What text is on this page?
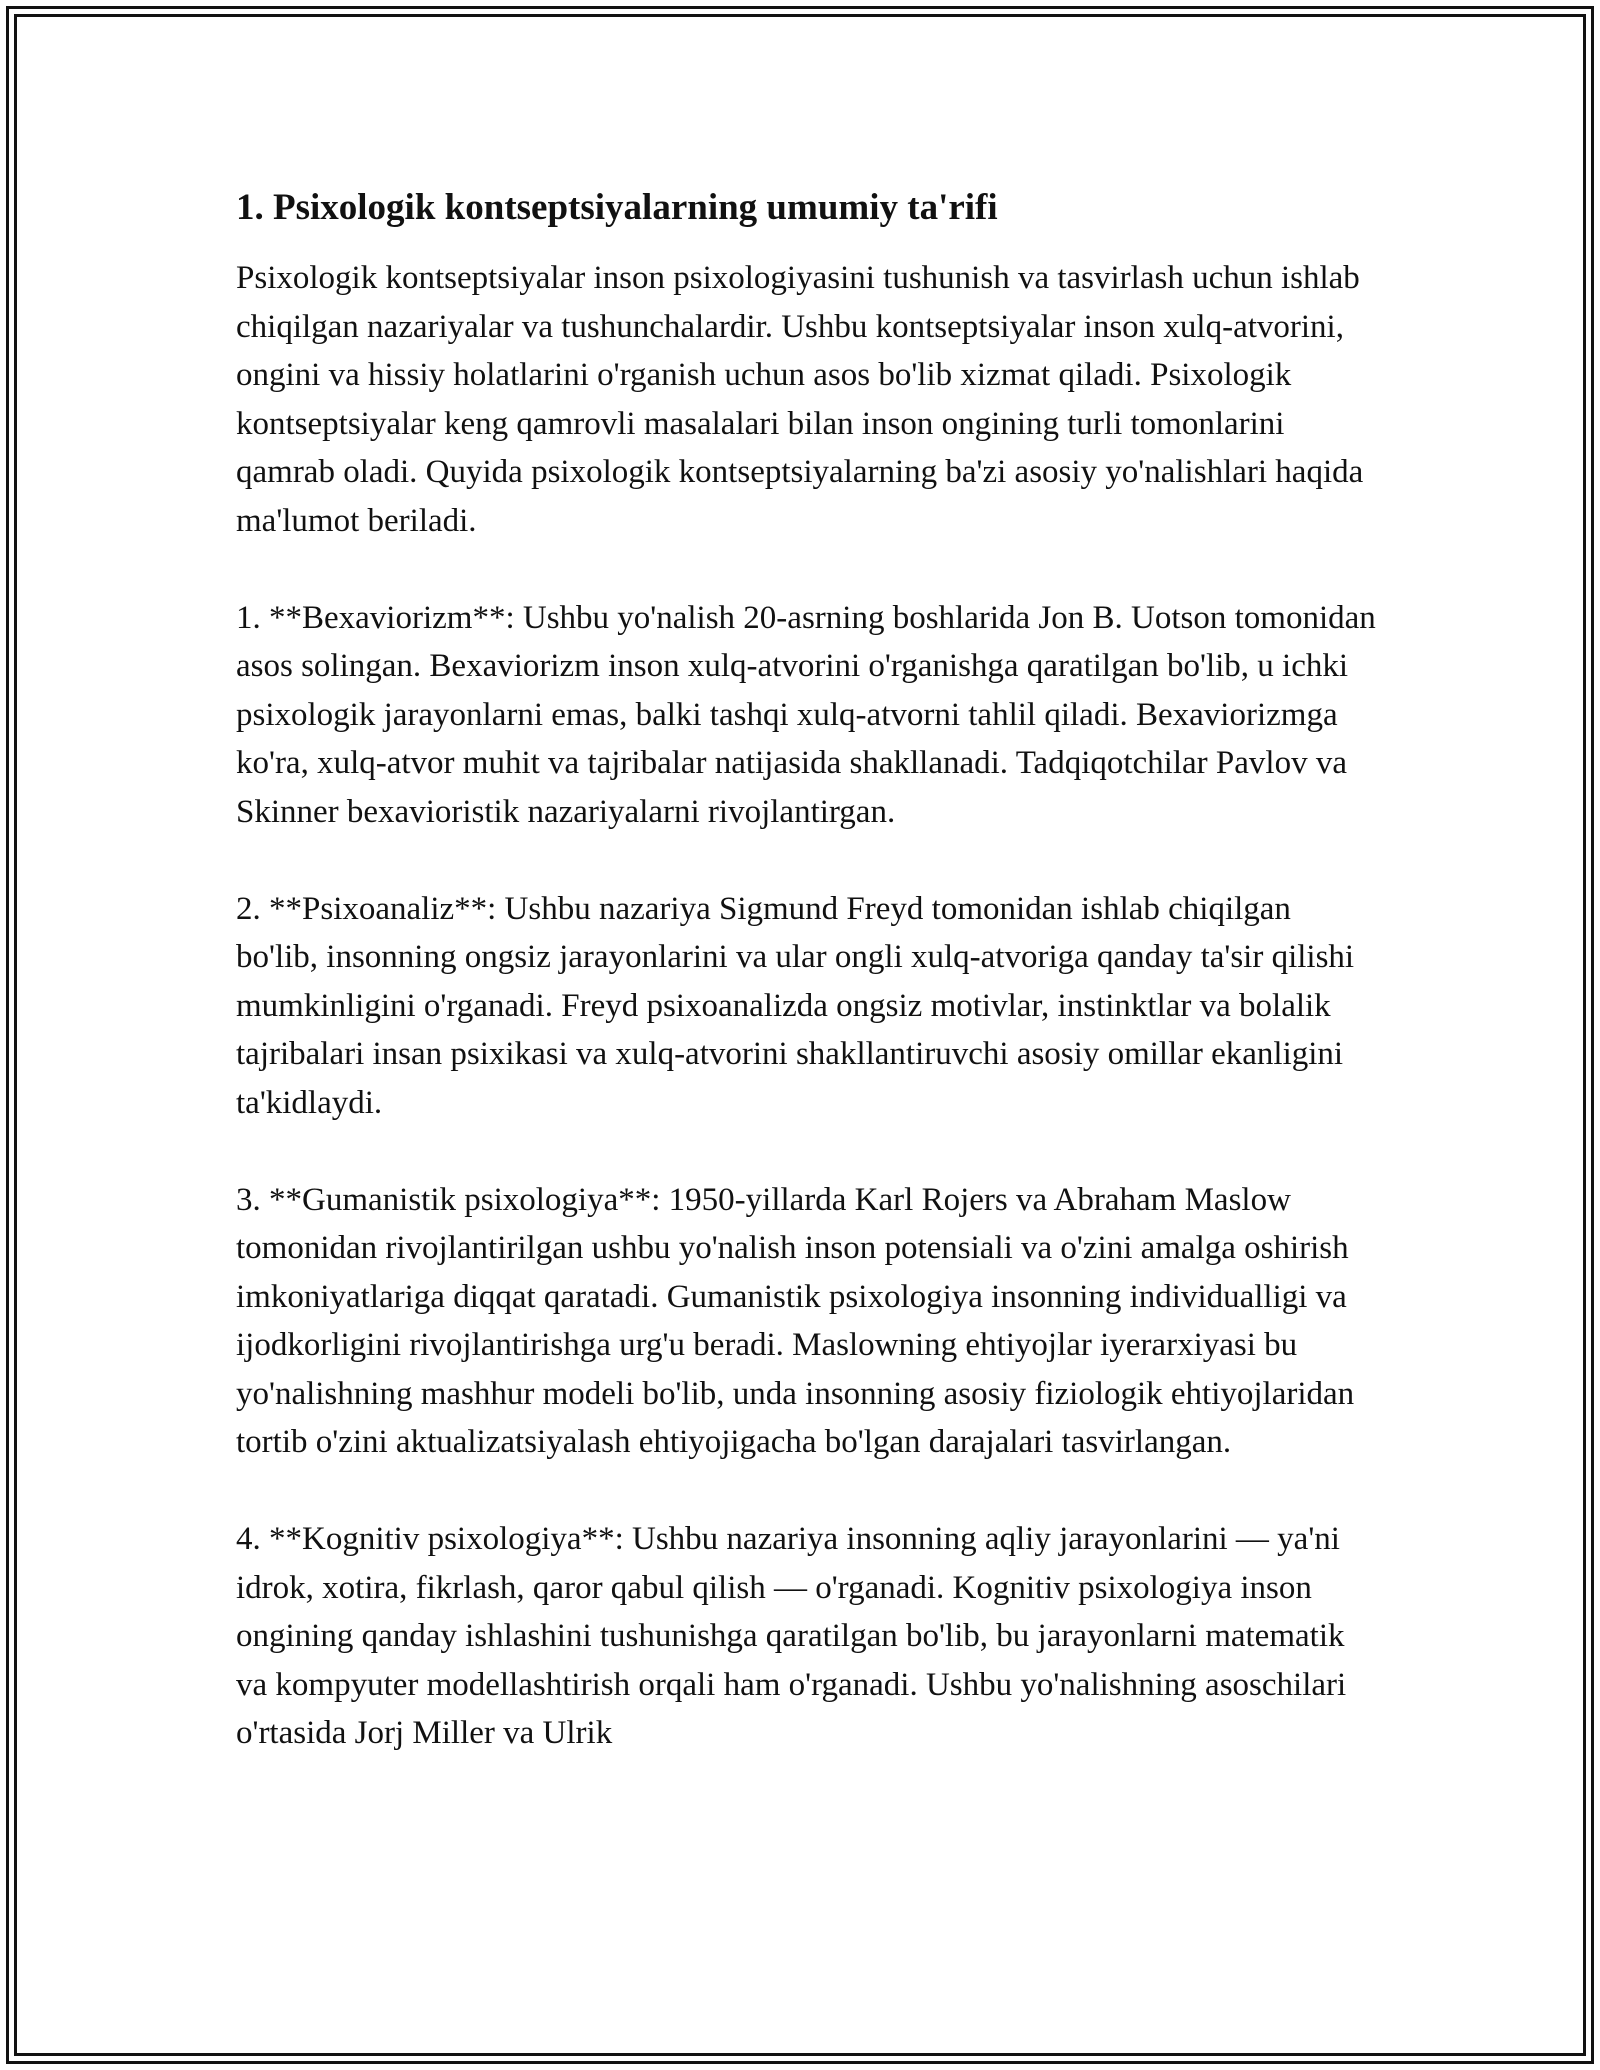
1. Psixologik kontseptsiyalarning umumiy ta'rifi

Psixologik kontseptsiyalar inson psixologiyasini tushunish va tasvirlash uchun ishlab chiqilgan nazariyalar va tushunchalardir. Ushbu kontseptsiyalar inson xulq-atvorini, ongini va hissiy holatlarini o'rganish uchun asos bo'lib xizmat qiladi. Psixologik kontseptsiyalar keng qamrovli masalalari bilan inson ongining turli tomonlarini qamrab oladi. Quyida psixologik kontseptsiyalarning ba'zi asosiy yo'nalishlari haqida ma'lumot beriladi.

1. **Bexaviorizm**: Ushbu yo'nalish 20-asrning boshlarida Jon B. Uotson tomonidan asos solingan. Bexaviorizm inson xulq-atvorini o'rganishga qaratilgan bo'lib, u ichki psixologik jarayonlarni emas, balki tashqi xulq-atvorni tahlil qiladi. Bexaviorizmga ko'ra, xulq-atvor muhit va tajribalar natijasida shakllanadi. Tadqiqotchilar Pavlov va Skinner bexavioristik nazariyalarni rivojlantirgan.

2. **Psixoanaliz**: Ushbu nazariya Sigmund Freyd tomonidan ishlab chiqilgan bo'lib, insonning ongsiz jarayonlarini va ular ongli xulq-atvoriga qanday ta'sir qilishi mumkinligini o'rganadi. Freyd psixoanalizda ongsiz motivlar, instinktlar va bolalik tajribalari insan psixikasi va xulq-atvorini shakllantiruvchi asosiy omillar ekanligini ta'kidlaydi.

3. **Gumanistik psixologiya**: 1950-yillarda Karl Rojers va Abraham Maslow tomonidan rivojlantirilgan ushbu yo'nalish inson potensiali va o'zini amalga oshirish imkoniyatlariga diqqat qaratadi. Gumanistik psixologiya insonning individualligi va ijodkorligini rivojlantirishga urg'u beradi. Maslowning ehtiyojlar iyerarxiyasi bu yo'nalishning mashhur modeli bo'lib, unda insonning asosiy fiziologik ehtiyojlaridan tortib o'zini aktualizatsiyalash ehtiyojigacha bo'lgan darajalari tasvirlangan.

4. **Kognitiv psixologiya**: Ushbu nazariya insonning aqliy jarayonlarini — ya'ni idrok, xotira, fikrlash, qaror qabul qilish — o'rganadi. Kognitiv psixologiya inson ongining qanday ishlashini tushunishga qaratilgan bo'lib, bu jarayonlarni matematik va kompyuter modellashtirish orqali ham o'rganadi. Ushbu yo'nalishning asoschilari o'rtasida Jorj Miller va Ulrik
